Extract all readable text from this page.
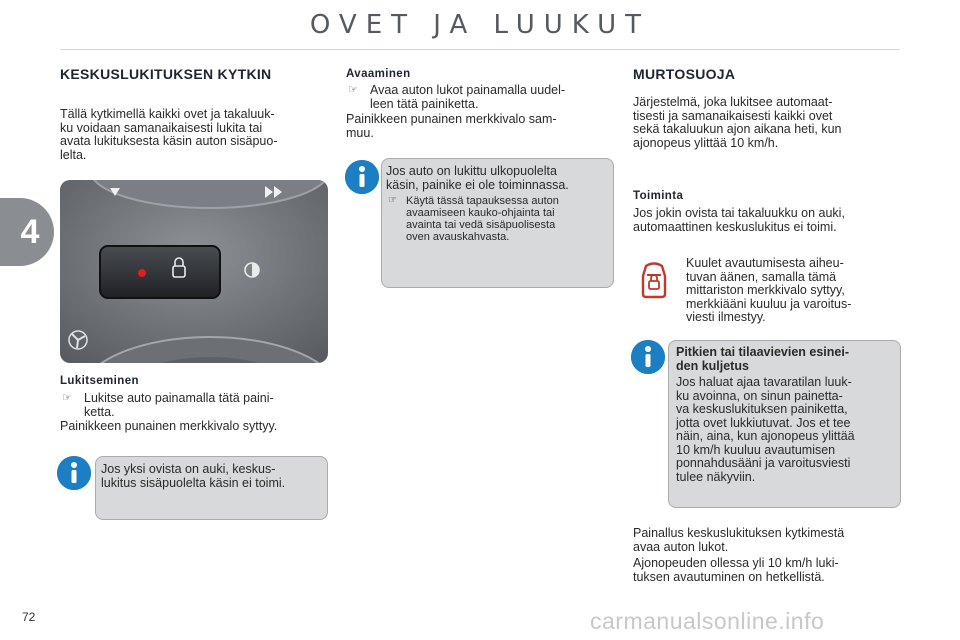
OVET JA LUUKUT
4
KESKUSLUKITUKSEN KYTKIN
Tällä kytkimellä kaikki ovet ja takaluuk-
ku voidaan samanaikaisesti lukita tai
avata lukituksesta käsin auton sisäpuo-
lelta.
Lukitseminen
☞ Lukitse auto painamalla tätä paini-
ketta.
Painikkeen punainen merkkivalo syttyy.
Jos yksi ovista on auki, keskus-
lukitus sisäpuolelta käsin ei toimi.
Avaaminen
☞ Avaa auton lukot painamalla uudel-
leen tätä painiketta.
Painikkeen punainen merkkivalo sam-
muu.
Jos auto on lukittu ulkopuolelta
käsin, painike ei ole toiminnassa.
☞ Käytä tässä tapauksessa auton
avaamiseen kauko-ohjainta tai
avainta tai vedä sisäpuolisesta
oven avauskahvasta.
MURTOSUOJA
Järjestelmä, joka lukitsee automaat-
tisesti ja samanaikaisesti kaikki ovet
sekä takaluukun ajon aikana heti, kun
ajonopeus ylittää 10 km/h.
Toiminta
Jos jokin ovista tai takaluukku on auki,
automaattinen keskuslukitus ei toimi.
Kuulet avautumisesta aiheu-
tuvan äänen, samalla tämä
mittariston merkkivalo syttyy,
merkkiääni kuuluu ja varoitus-
viesti ilmestyy.
Pitkien tai tilaavievien esinei-
den kuljetus
Jos haluat ajaa tavaratilan luuk-
ku avoinna, on sinun painetta-
va keskuslukituksen painiketta,
jotta ovet lukkiutuvat. Jos et tee
näin, aina, kun ajonopeus ylittää
10 km/h kuuluu avautumisen
ponnahdusääni ja varoitusviesti
tulee näkyviin.
Painallus keskuslukituksen kytkimestä
avaa auton lukot.
Ajonopeuden ollessa yli 10 km/h luki-
tuksen avautuminen on hetkellistä.
72	carmanualsonline.info
